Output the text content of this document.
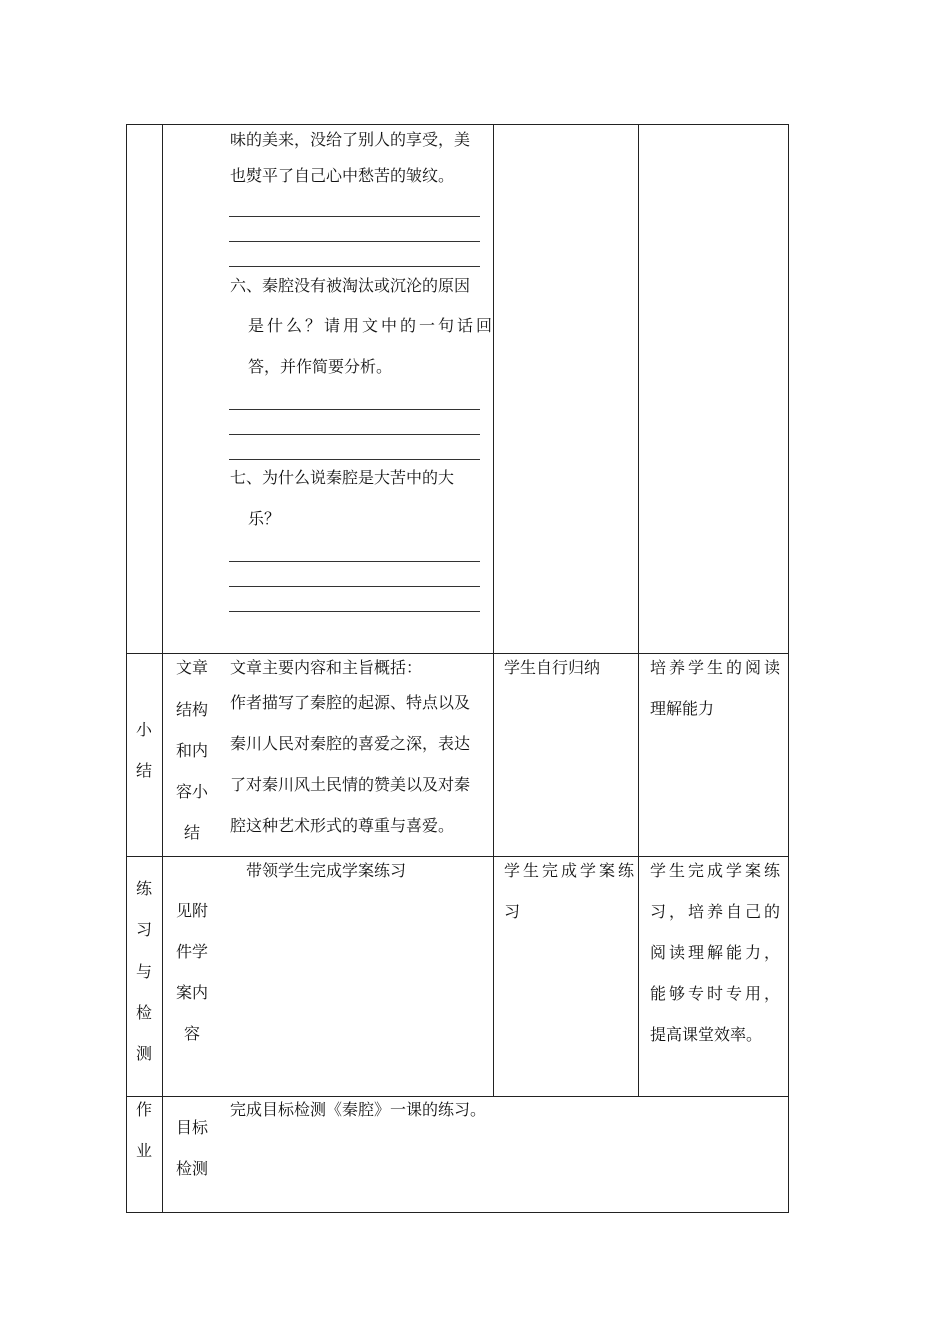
味的美来，没给了别人的享受，美
也熨平了自己心中愁苦的皱纹。
六、秦腔没有被淘汰或沉沦的原因
是什么？请用文中的一句话回
答，并作简要分析。
七、为什么说秦腔是大苦中的大
乐？
小
结
文章
结构
和内
容小
结
文章主要内容和主旨概括：
作者描写了秦腔的起源、特点以及
秦川人民对秦腔的喜爱之深，表达
了对秦川风土民情的赞美以及对秦
腔这种艺术形式的尊重与喜爱。
学生自行归纳	培养学生的阅读
理解能力
练
习
与
检
测
见附
件学
案内
容
带领学生完成学案练习	学生完成学案练
习
学生完成学案练
习，培养自己的
阅读理解能力，
能够专时专用，
提高课堂效率。
作
业
目标
检测
完成目标检测《秦腔》一课的练习。
